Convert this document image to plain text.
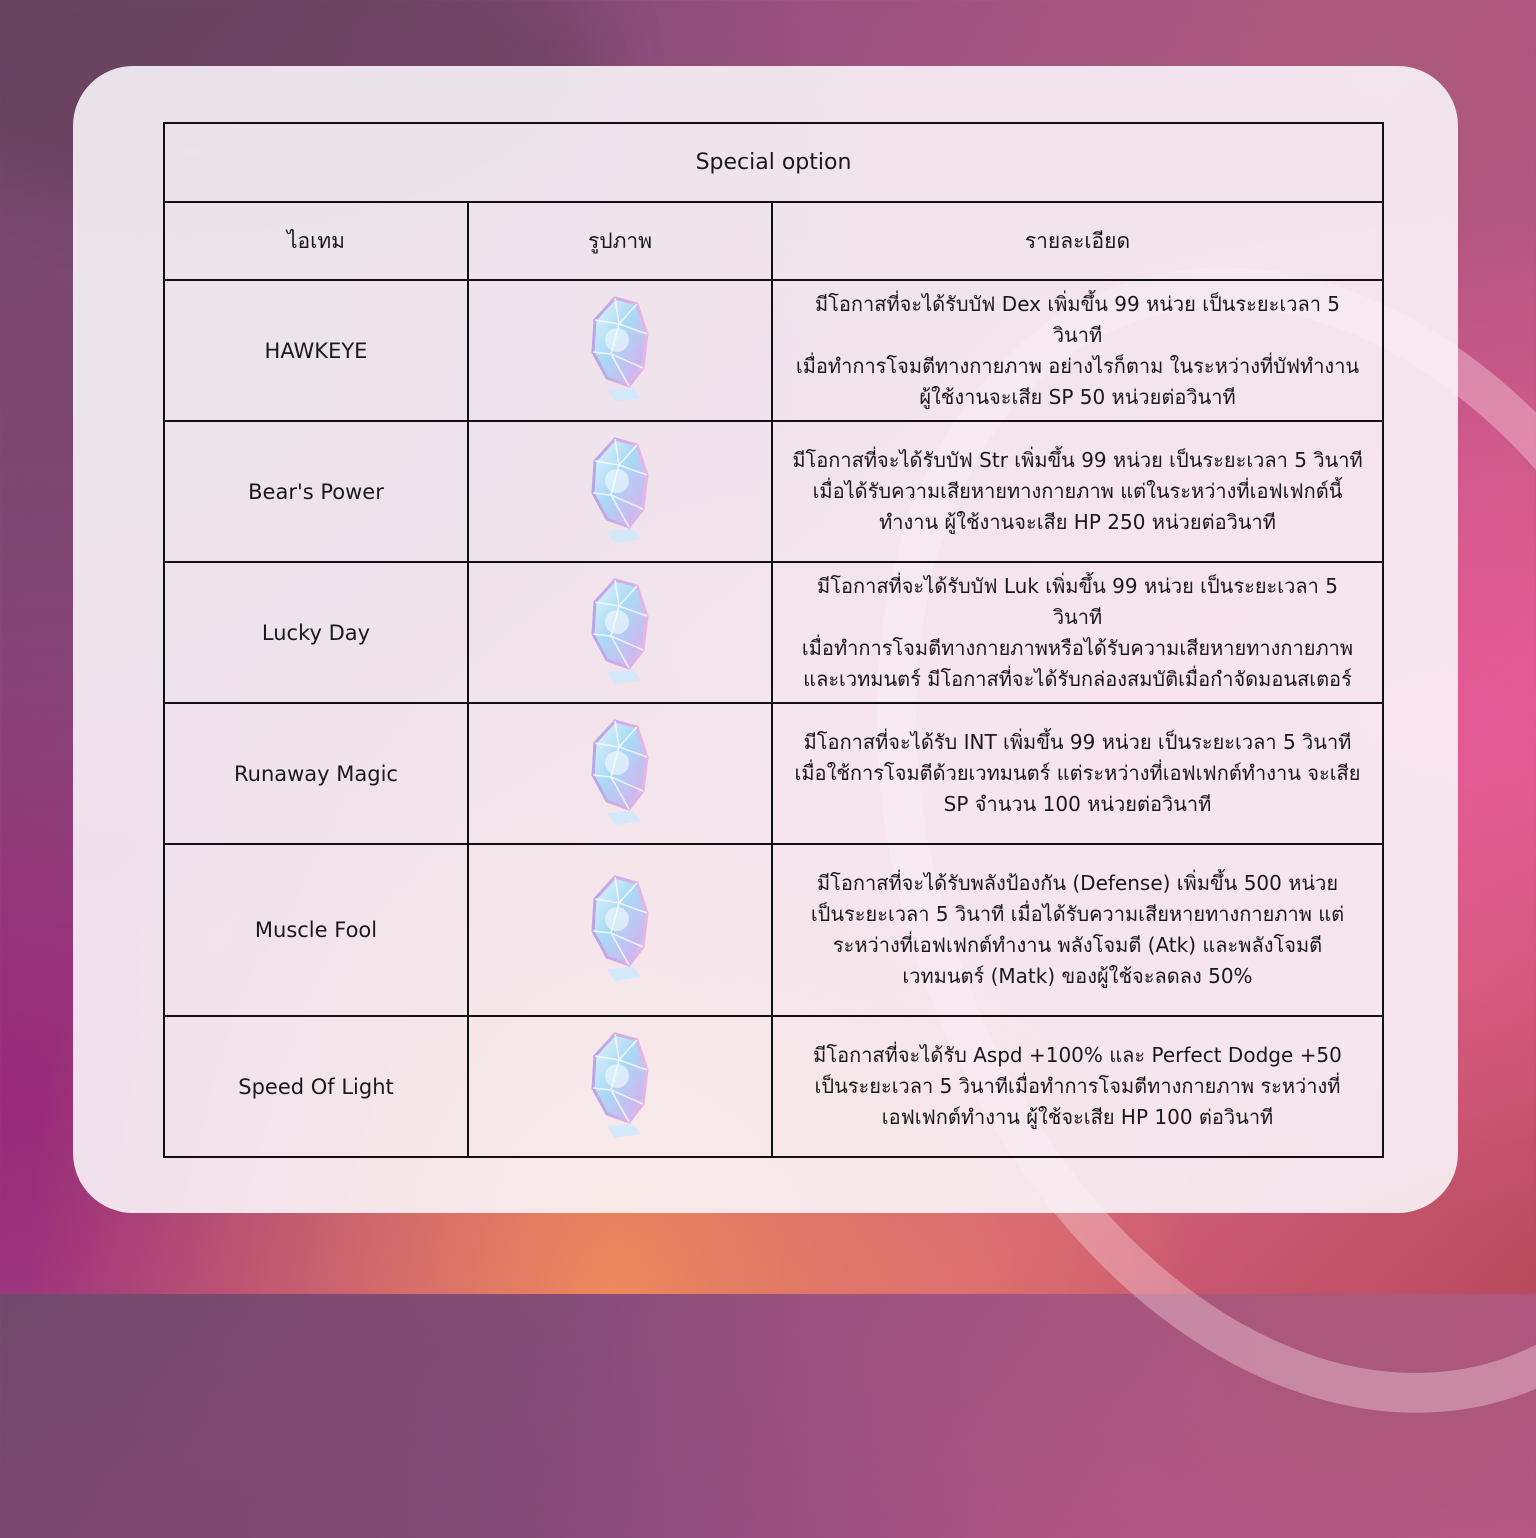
Special option		
ไอเทม	รูปภาพ	รายละเอียด
HAWKEYE		มีโอกาสที่จะได้รับบัฟ Dex เพิ่มขึ้น 99 หน่วย เป็นระยะเวลา 5 วินาที
เมื่อทำการโจมตีทางกายภาพ อย่างไรก็ตาม ในระหว่างที่บัฟทำงาน
ผู้ใช้งานจะเสีย SP 50 หน่วยต่อวินาที

Bear's Power		มีโอกาสที่จะได้รับบัฟ Str เพิ่มขึ้น 99 หน่วย เป็นระยะเวลา 5 วินาที
เมื่อได้รับความเสียหายทางกายภาพ แต่ในระหว่างที่เอฟเฟกต์นี้
ทำงาน ผู้ใช้งานจะเสีย HP 250 หน่วยต่อวินาที

Lucky Day		มีโอกาสที่จะได้รับบัฟ Luk เพิ่มขึ้น 99 หน่วย เป็นระยะเวลา 5 วินาที
เมื่อทำการโจมตีทางกายภาพหรือได้รับความเสียหายทางกายภาพ
และเวทมนตร์ มีโอกาสที่จะได้รับกล่องสมบัติเมื่อกำจัดมอนสเตอร์

Runaway Magic		มีโอกาสที่จะได้รับ INT เพิ่มขึ้น 99 หน่วย เป็นระยะเวลา 5 วินาที
เมื่อใช้การโจมตีด้วยเวทมนตร์ แต่ระหว่างที่เอฟเฟกต์ทำงาน จะเสีย
SP จำนวน 100 หน่วยต่อวินาที

Muscle Fool		มีโอกาสที่จะได้รับพลังป้องกัน (Defense) เพิ่มขึ้น 500 หน่วย
เป็นระยะเวลา 5 วินาที เมื่อได้รับความเสียหายทางกายภาพ แต่
ระหว่างที่เอฟเฟกต์ทำงาน พลังโจมตี (Atk) และพลังโจมตี
เวทมนตร์ (Matk) ของผู้ใช้จะลดลง 50%

Speed Of Light		มีโอกาสที่จะได้รับ Aspd +100% และ Perfect Dodge +50
เป็นระยะเวลา 5 วินาทีเมื่อทำการโจมตีทางกายภาพ ระหว่างที่
เอฟเฟกต์ทำงาน ผู้ใช้จะเสีย HP 100 ต่อวินาที
